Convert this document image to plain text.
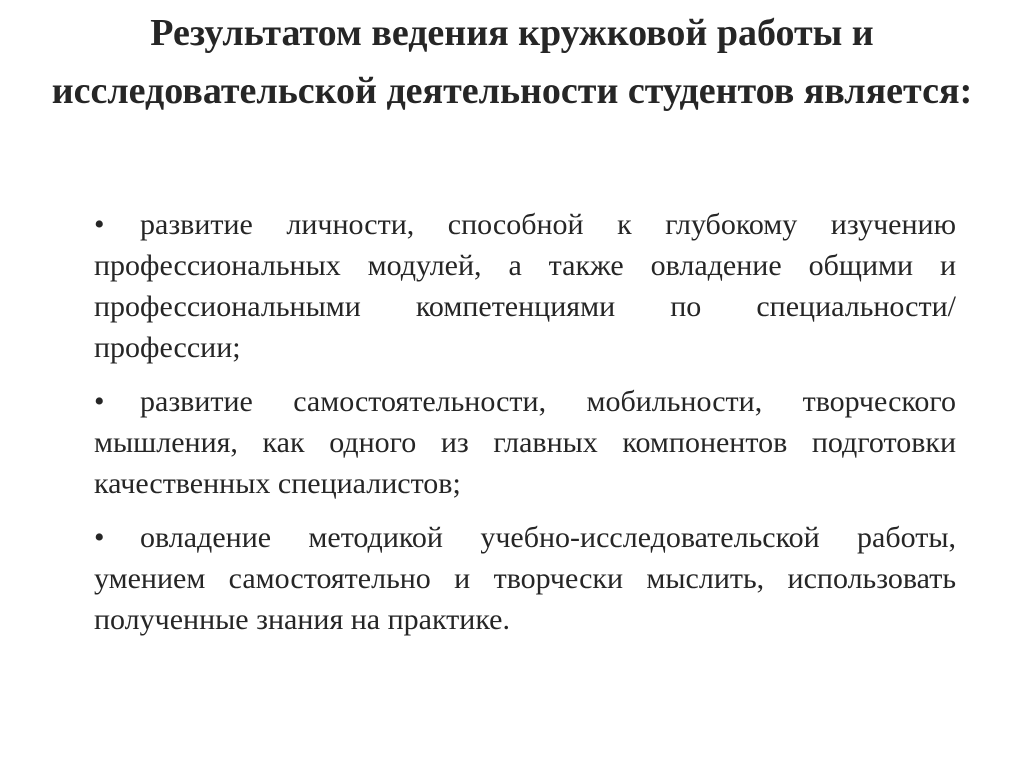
Результатом ведения кружковой работы и исследовательской деятельности студентов является:
• развитие личности, способной к глубокому изучению профессиональных модулей, а также овладение общими и профессиональными компетенциями по специальности/профессии;
• развитие самостоятельности, мобильности, творческого мышления, как одного из главных компонентов подготовки качественных специалистов;
• овладение методикой учебно-исследовательской работы, умением самостоятельно и творчески мыслить, использовать полученные знания на практике.
